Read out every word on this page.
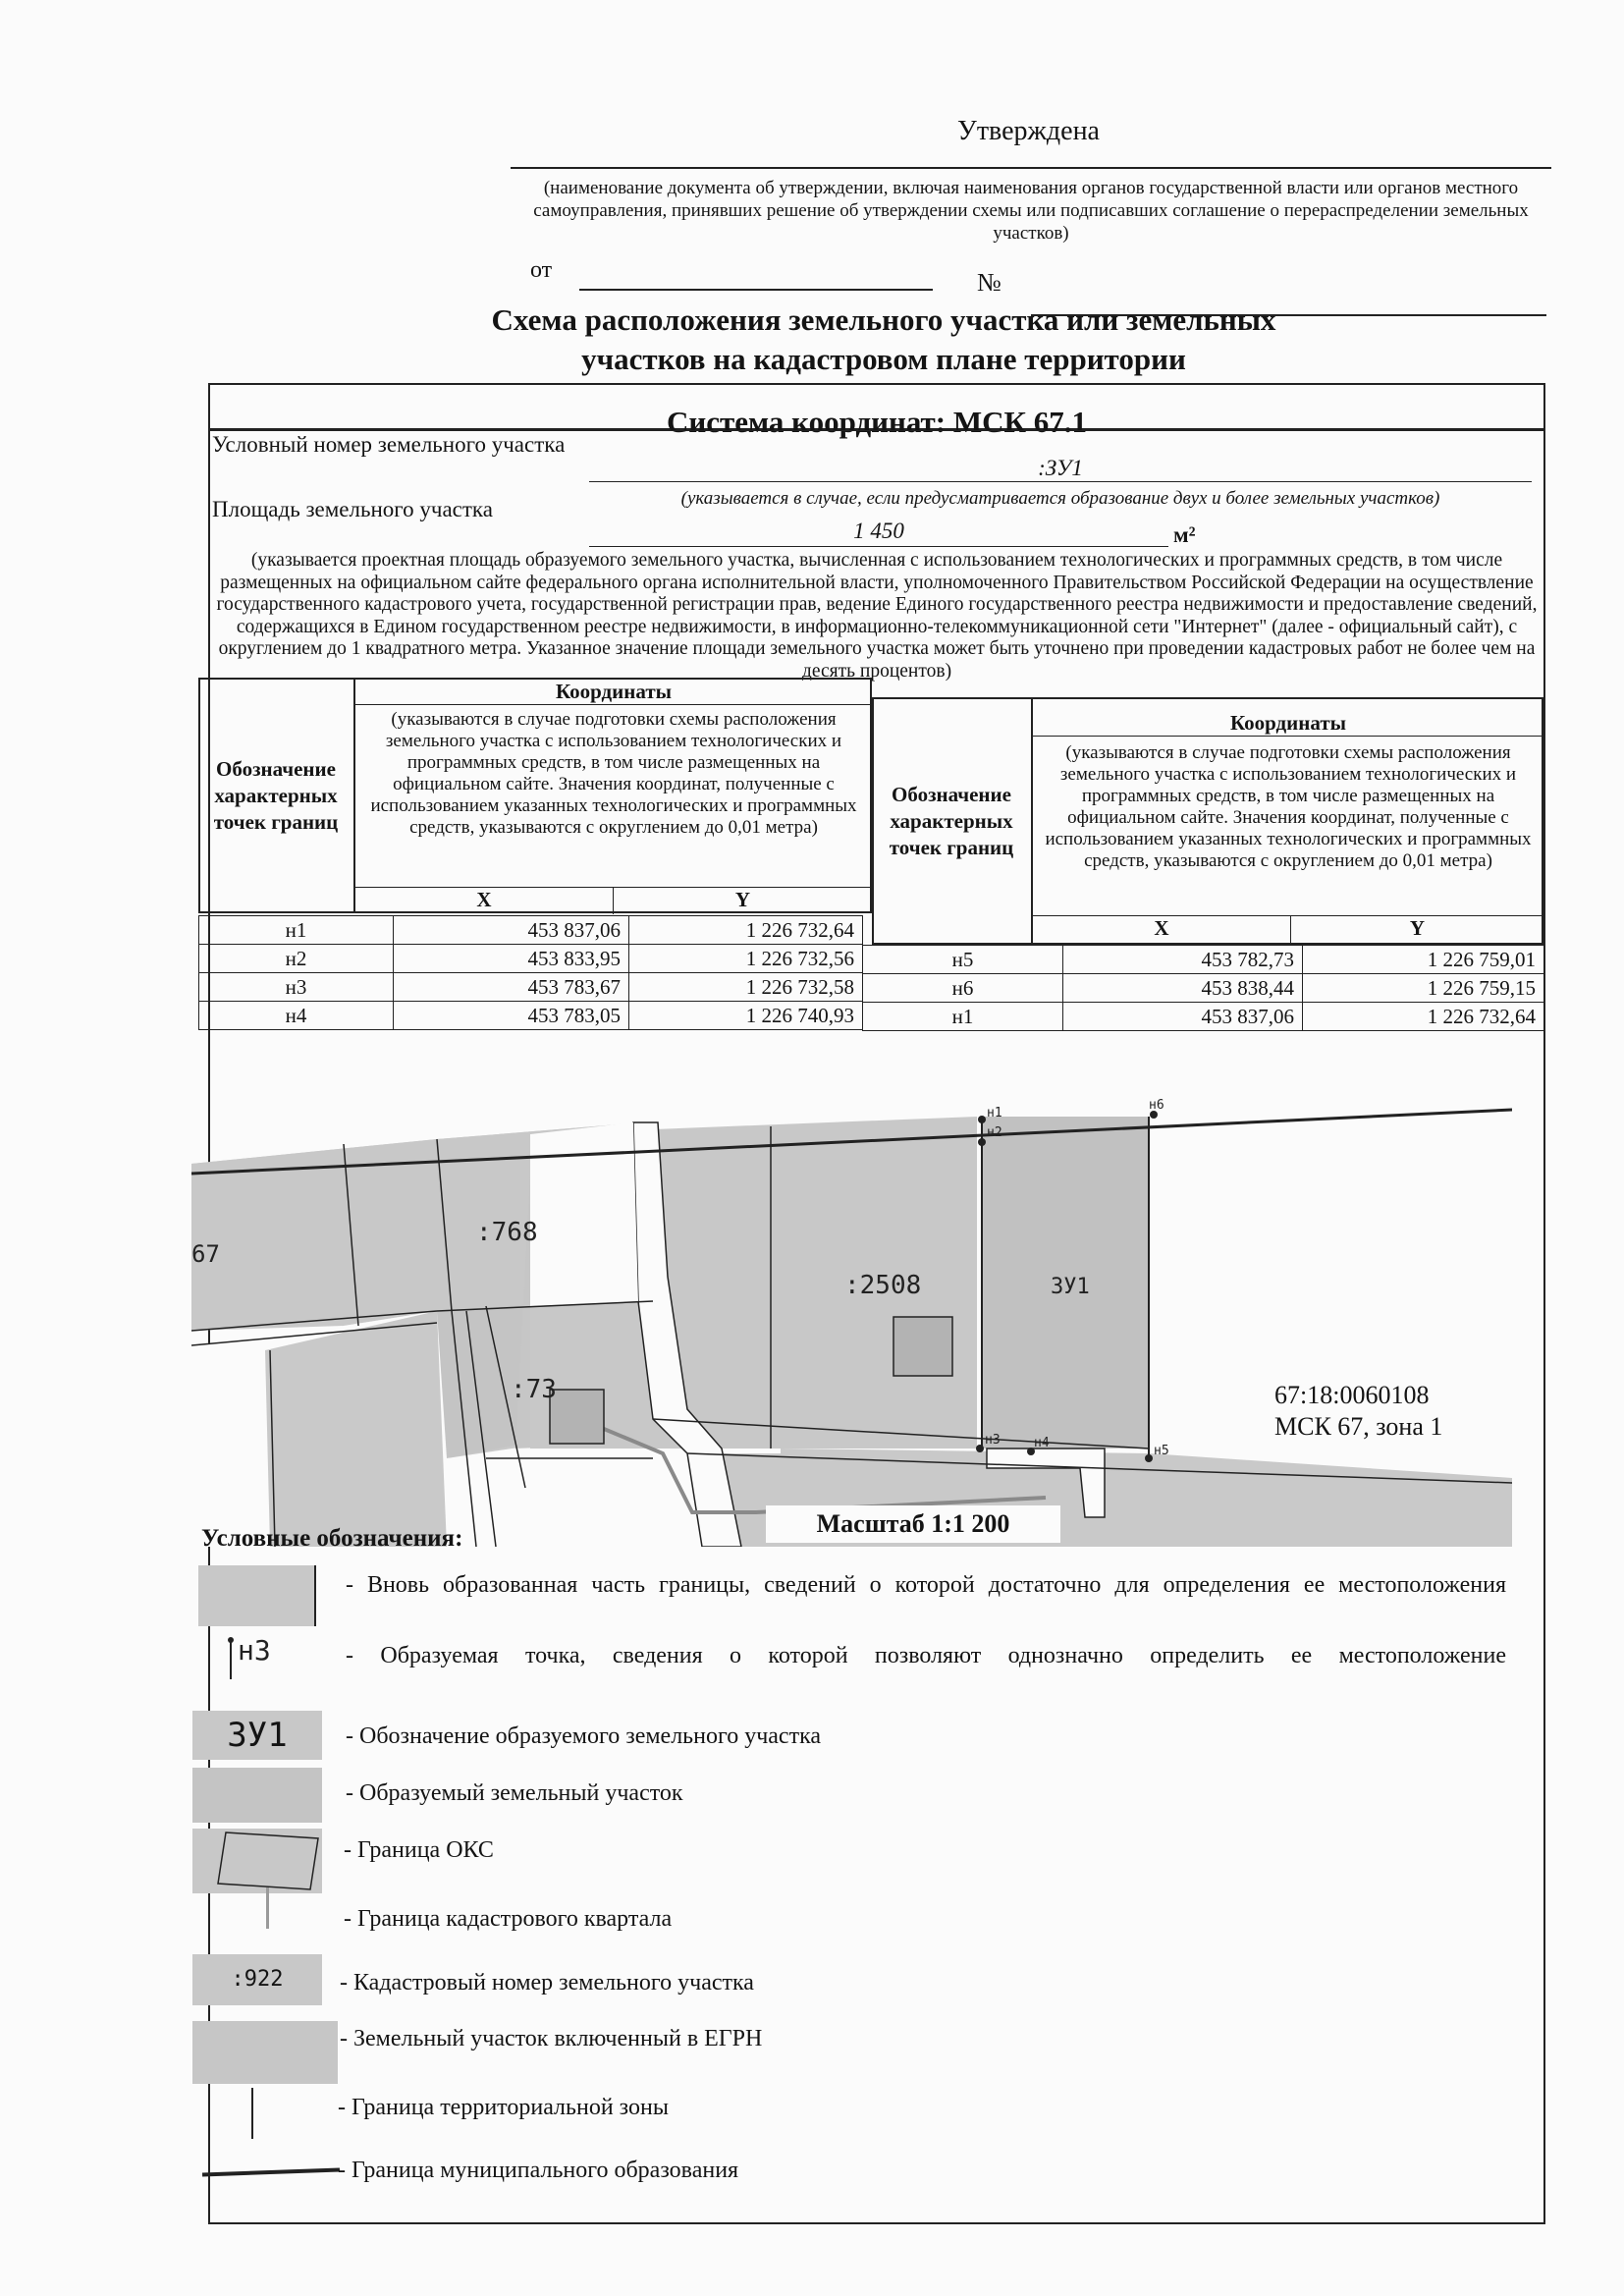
Утверждена
(наименование документа об утверждении, включая наименования органов государственной власти или органов местного самоуправления, принявших решение об утверждении схемы или подписавших соглашение о перераспределении земельных участков)
от	№
Схема расположения земельного участка или земельных
участков на кадастровом плане территории
Система координат: МСК 67.1
Условный номер земельного участка
:ЗУ1
(указывается в случае, если предусматривается образование двух и более земельных участков)
Площадь земельного участка
1 450	м²
(указывается проектная площадь образуемого земельного участка, вычисленная с использованием технологических и программных средств, в том числе размещенных на официальном сайте федерального органа исполнительной власти, уполномоченного Правительством Российской Федерации на осуществление государственного кадастрового учета, государственной регистрации прав, ведение Единого государственного реестра недвижимости и предоставление сведений, содержащихся в Едином государственном реестре недвижимости, в информационно-телекоммуникационной сети "Интернет" (далее - официальный сайт), с округлением до 1 квадратного метра. Указанное значение площади земельного участка может быть уточнено при проведении кадастровых работ не более чем на десять процентов)
Обозначение характерных точек границ
Координаты
(указываются в случае подготовки схемы расположения земельного участка с использованием технологических и программных средств, в том числе размещенных на официальном сайте. Значения координат, полученные с использованием указанных технологических и программных средств, указываются с округлением до 0,01 метра)
X	Y
Обозначение характерных точек границ
Координаты
(указываются в случае подготовки схемы расположения земельного участка с использованием технологических и программных средств, в том числе размещенных на официальном сайте. Значения координат, полученные с использованием указанных технологических и программных средств, указываются с округлением до 0,01 метра)
X	Y
н1	453 837,06	1 226 732,64
н2	453 833,95	1 226 732,56
н3	453 783,67	1 226 732,58
н4	453 783,05	1 226 740,93
н5	453 782,73	1 226 759,01
н6	453 838,44	1 226 759,15
н1	453 837,06	1 226 732,64
:768
:2508	ЗУ1
:73
67
н1
н2
н3	н4
н5
н6
67:18:0060108
МСК 67, зона 1
Масштаб 1:1 200
Условные обозначения:
- Вновь образованная часть границы, сведений о которой достаточно для определения ее местоположения
н3	- Образуемая точка, сведения о которой позволяют однозначно определить ее местоположение
ЗУ1	- Обозначение образуемого земельного участка
- Образуемый земельный участок
- Граница ОКС
- Граница кадастрового квартала
:922	- Кадастровый номер земельного участка
- Земельный участок включенный в ЕГРН
- Граница территориальной зоны
- Граница муниципального образования
